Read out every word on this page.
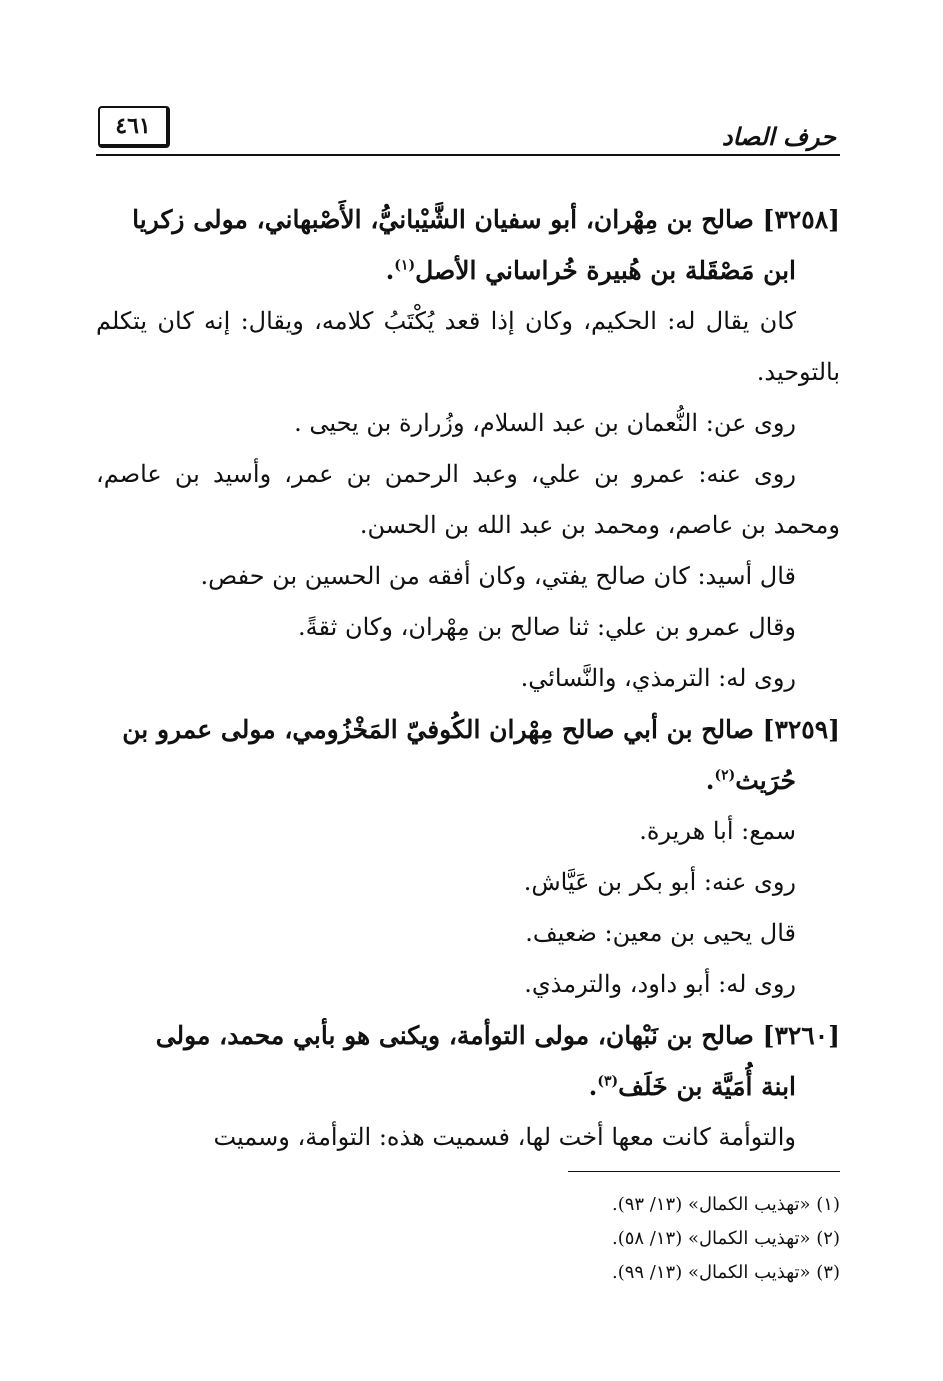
حرف الصاد
٤٦١

[٣٢٥٨] صالح بن مِهْران، أبو سفيان الشَّيْبانيُّ، الأَصْبهاني، مولى زكريا
ابن مَصْقَلة بن هُبيرة خُراساني الأصل$^{(١)}$.

كان يقال له: الحكيم، وكان إذا قعد يُكْتَبُ كلامه، ويقال: إنه كان يتكلم بالتوحيد.

روى عن: النُّعمان بن عبد السلام، وزُرارة بن يحيى .

روى عنه: عمرو بن علي، وعبد الرحمن بن عمر، وأسيد بن عاصم، ومحمد بن عاصم، ومحمد بن عبد الله بن الحسن.

قال أسيد: كان صالح يفتي، وكان أفقه من الحسين بن حفص.

وقال عمرو بن علي: ثنا صالح بن مِهْران، وكان ثقةً.

روى له: الترمذي، والنَّسائي.

[٣٢٥٩] صالح بن أبي صالح مِهْران الكُوفيّ المَخْزُومي، مولى عمرو بن
حُرَيث$^{(٢)}$.

سمع: أبا هريرة.

روى عنه: أبو بكر بن عَيَّاش.

قال يحيى بن معين: ضعيف.

روى له: أبو داود، والترمذي.

[٣٢٦٠] صالح بن نَبْهان، مولى التوأمة، ويكنى هو بأبي محمد، مولى
ابنة أُمَيَّة بن خَلَف$^{(٣)}$.

والتوأمة كانت معها أخت لها، فسميت هذه: التوأمة، وسميت

(١) «تهذيب الكمال» (١٣/ ٩٣).

(٢) «تهذيب الكمال» (١٣/ ٥٨).

(٣) «تهذيب الكمال» (١٣/ ٩٩).
